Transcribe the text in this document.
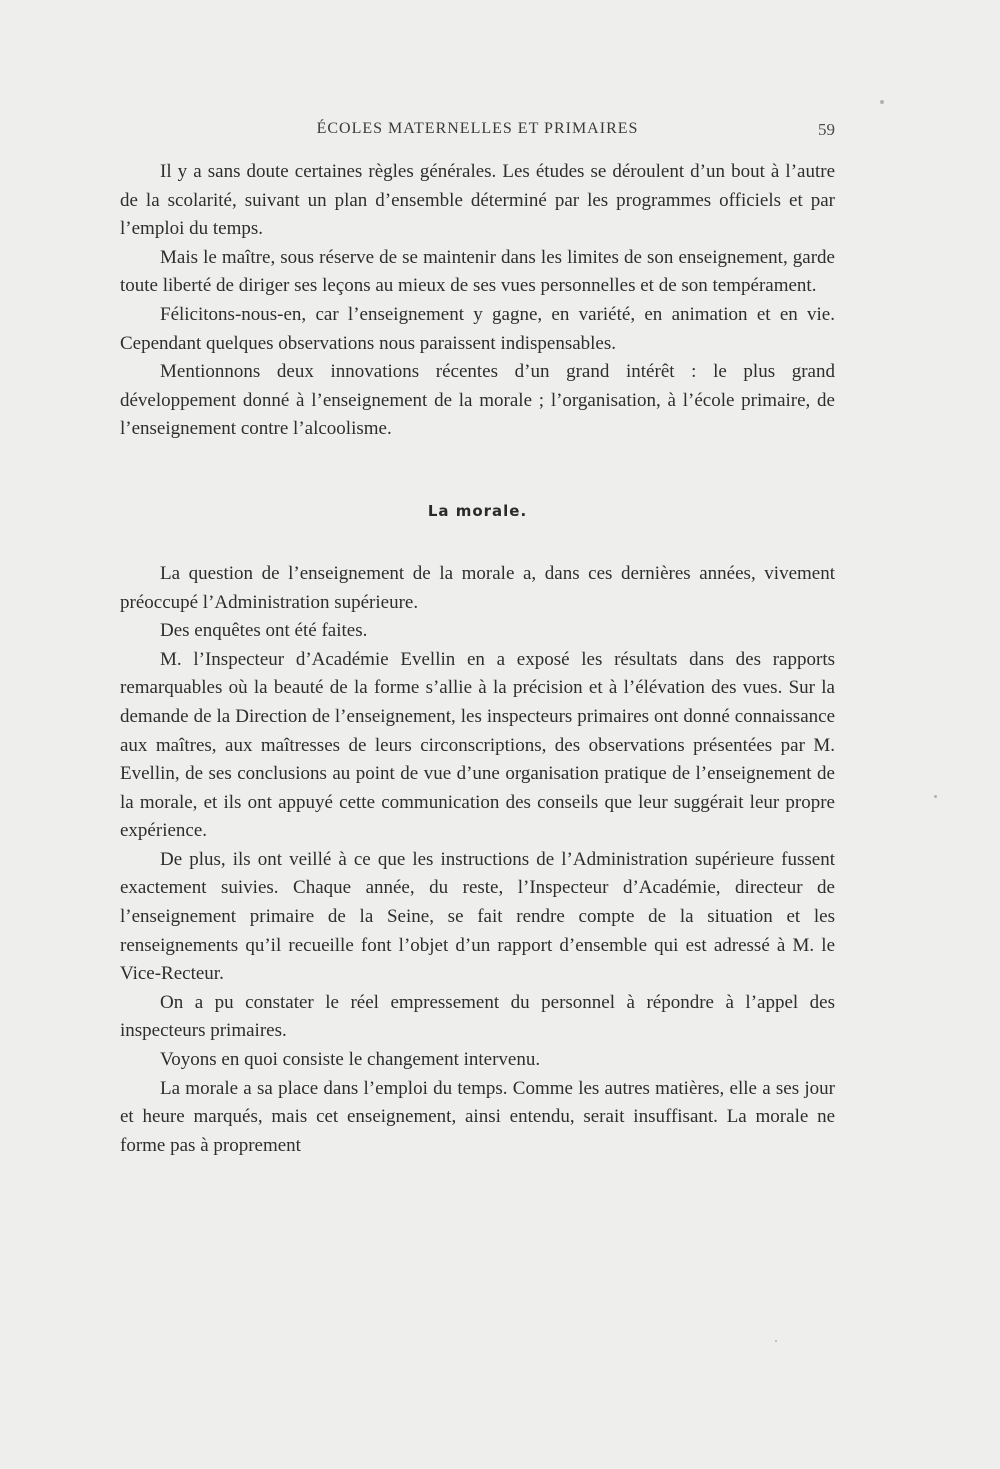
ÉCOLES MATERNELLES ET PRIMAIRES	59

Il y a sans doute certaines règles générales. Les études se déroulent d’un bout à l’autre de la scolarité, suivant un plan d’ensemble déterminé par les programmes officiels et par l’emploi du temps.

Mais le maître, sous réserve de se maintenir dans les limites de son enseignement, garde toute liberté de diriger ses leçons au mieux de ses vues personnelles et de son tempérament.

Félicitons-nous-en, car l’enseignement y gagne, en variété, en animation et en vie. Cependant quelques observations nous paraissent indispensables.

Mentionnons deux innovations récentes d’un grand intérêt : le plus grand développement donné à l’enseignement de la morale ; l’organisation, à l’école primaire, de l’enseignement contre l’alcoolisme.

La morale.

La question de l’enseignement de la morale a, dans ces dernières années, vivement préoccupé l’Administration supérieure.

Des enquêtes ont été faites.

M. l’Inspecteur d’Académie Evellin en a exposé les résultats dans des rapports remarquables où la beauté de la forme s’allie à la précision et à l’élévation des vues. Sur la demande de la Direction de l’enseignement, les inspecteurs primaires ont donné connaissance aux maîtres, aux maîtresses de leurs circonscriptions, des observations présentées par M. Evellin, de ses conclusions au point de vue d’une organisation pratique de l’enseignement de la morale, et ils ont appuyé cette communication des conseils que leur suggérait leur propre expérience.

De plus, ils ont veillé à ce que les instructions de l’Administration supérieure fussent exactement suivies. Chaque année, du reste, l’Inspecteur d’Académie, directeur de l’enseignement primaire de la Seine, se fait rendre compte de la situation et les renseignements qu’il recueille font l’objet d’un rapport d’ensemble qui est adressé à M. le Vice-Recteur.

On a pu constater le réel empressement du personnel à répondre à l’appel des inspecteurs primaires.

Voyons en quoi consiste le changement intervenu.

La morale a sa place dans l’emploi du temps. Comme les autres matières, elle a ses jour et heure marqués, mais cet enseignement, ainsi entendu, serait insuffisant. La morale ne forme pas à proprement
